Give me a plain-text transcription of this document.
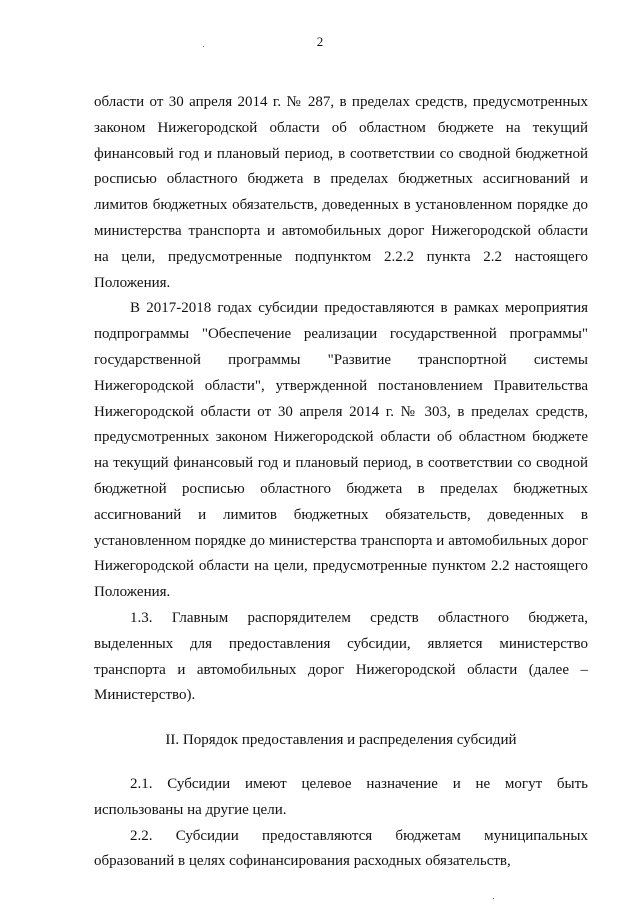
2

области от 30 апреля 2014 г. № 287, в пределах средств, предусмотренных законом Нижегородской области об областном бюджете на текущий финансовый год и плановый период, в соответствии со сводной бюджетной росписью областного бюджета в пределах бюджетных ассигнований и лимитов бюджетных обязательств, доведенных в установленном порядке до министерства транспорта и автомобильных дорог Нижегородской области на цели, предусмотренные подпунктом 2.2.2 пункта 2.2 настоящего Положения.

В 2017-2018 годах субсидии предоставляются в рамках мероприятия подпрограммы "Обеспечение реализации государственной программы" государственной программы "Развитие транспортной системы Нижегородской области", утвержденной постановлением Правительства Нижегородской области от 30 апреля 2014 г. № 303, в пределах средств, предусмотренных законом Нижегородской области об областном бюджете на текущий финансовый год и плановый период, в соответствии со сводной бюджетной росписью областного бюджета в пределах бюджетных ассигнований и лимитов бюджетных обязательств, доведенных в установленном порядке до министерства транспорта и автомобильных дорог Нижегородской области на цели, предусмотренные пунктом 2.2 настоящего Положения.

1.3. Главным распорядителем средств областного бюджета, выделенных для предоставления субсидии, является министерство транспорта и автомобильных дорог Нижегородской области (далее – Министерство).

II. Порядок предоставления и распределения субсидий

2.1. Субсидии имеют целевое назначение и не могут быть использованы на другие цели.

2.2. Субсидии предоставляются бюджетам муниципальных образований в целях софинансирования расходных обязательств,
